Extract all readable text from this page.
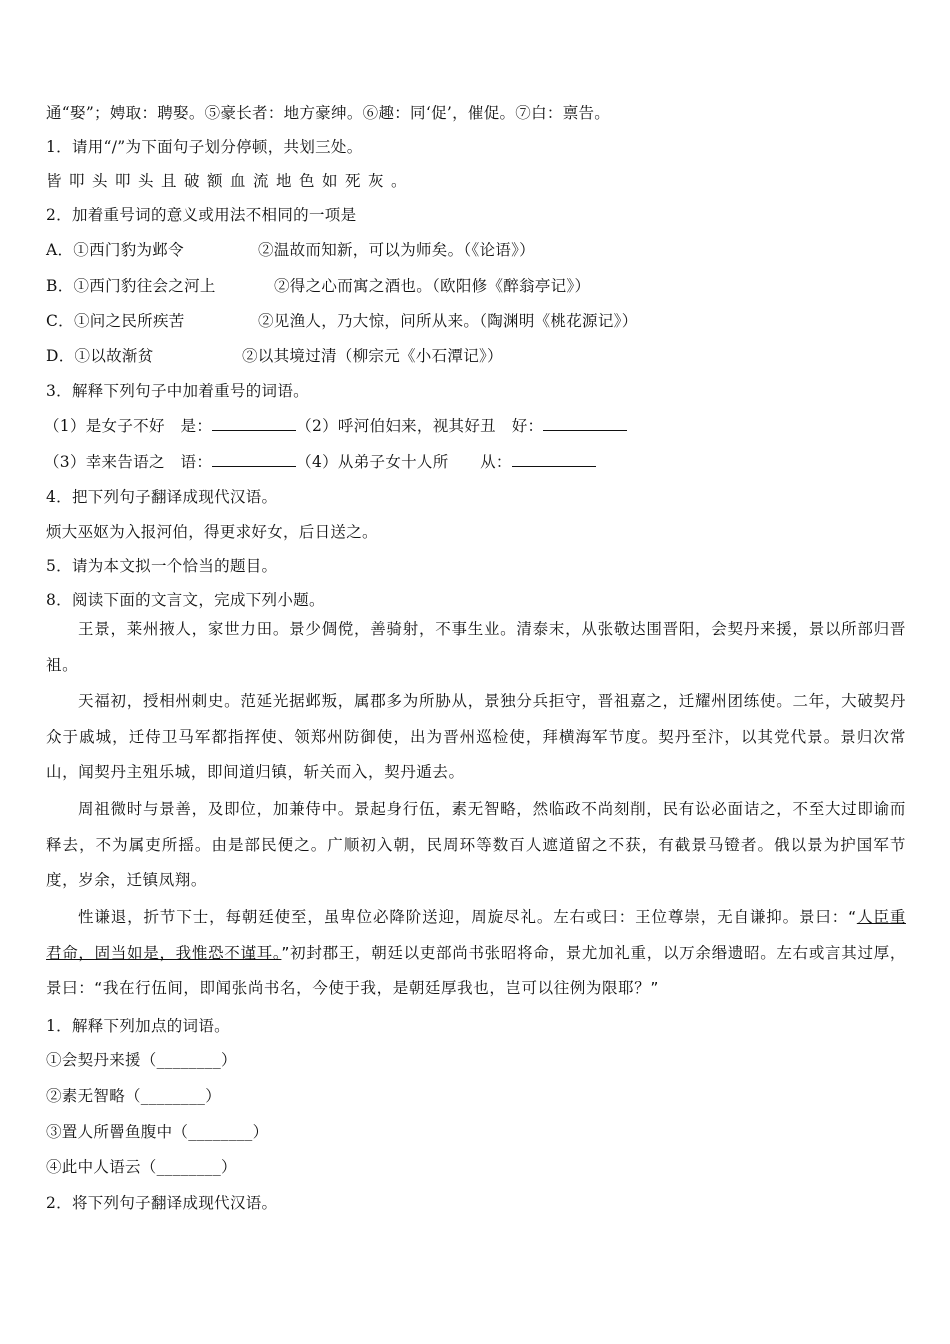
通“娶”；娉取：聘娶。⑤豪长者：地方豪绅。⑥趣：同‘促’，催促。⑦白：禀告。
1．请用“/”为下面句子划分停顿，共划三处。
皆叩头叩头且破额血流地色如死灰。
2．加着重号词的意义或用法不相同的一项是
A．①西门豹为邺令	②温故而知新，可以为师矣。（《论语》）
B．①西门豹往会之河上	②得之心而寓之酒也。（欧阳修《醉翁亭记》）
C．①问之民所疾苦	②见渔人，乃大惊，问所从来。（陶渊明《桃花源记》）
D．①以故渐贫	②以其境过清（柳宗元《小石潭记》）
3．解释下列句子中加着重号的词语。
（1）是女子不好　是：	（2）呼河伯妇来，视其好丑　好：
（3）幸来告语之　语：	（4）从弟子女十人所　　从：
4．把下列句子翻译成现代汉语。
烦大巫妪为入报河伯，得更求好女，后日送之。
5．请为本文拟一个恰当的题目。
8．阅读下面的文言文，完成下列小题。
王景，莱州掖人，家世力田。景少倜傥，善骑射，不事生业。清泰末，从张敬达围晋阳，会契丹来援，景以所部归晋祖。
天福初，授相州刺史。范延光据邺叛，属郡多为所胁从，景独分兵拒守，晋祖嘉之，迁耀州团练使。二年，大破契丹众于戚城，迁侍卫马军都指挥使、领郑州防御使，出为晋州巡检使，拜横海军节度。契丹至汴，以其党代景。景归次常山，闻契丹主殂乐城，即间道归镇，斩关而入，契丹遁去。
周祖微时与景善，及即位，加兼侍中。景起身行伍，素无智略，然临政不尚刻削，民有讼必面诘之，不至大过即谕而释去，不为属吏所摇。由是部民便之。广顺初入朝，民周环等数百人遮道留之不获，有截景马镫者。俄以景为护国军节度，岁余，迁镇凤翔。
性谦退，折节下士，每朝廷使至，虽卑位必降阶送迎，周旋尽礼。左右或曰：王位尊崇，无自谦抑。景曰：“人臣重君命，固当如是，我惟恐不谨耳。”初封郡王，朝廷以吏部尚书张昭将命，景尤加礼重，以万余缗遗昭。左右或言其过厚，景曰：“我在行伍间，即闻张尚书名，今使于我，是朝廷厚我也，岂可以往例为限耶？”
1．解释下列加点的词语。
①会契丹来援（________）
②素无智略（________）
③置人所罾鱼腹中（________）
④此中人语云（________）
2．将下列句子翻译成现代汉语。
